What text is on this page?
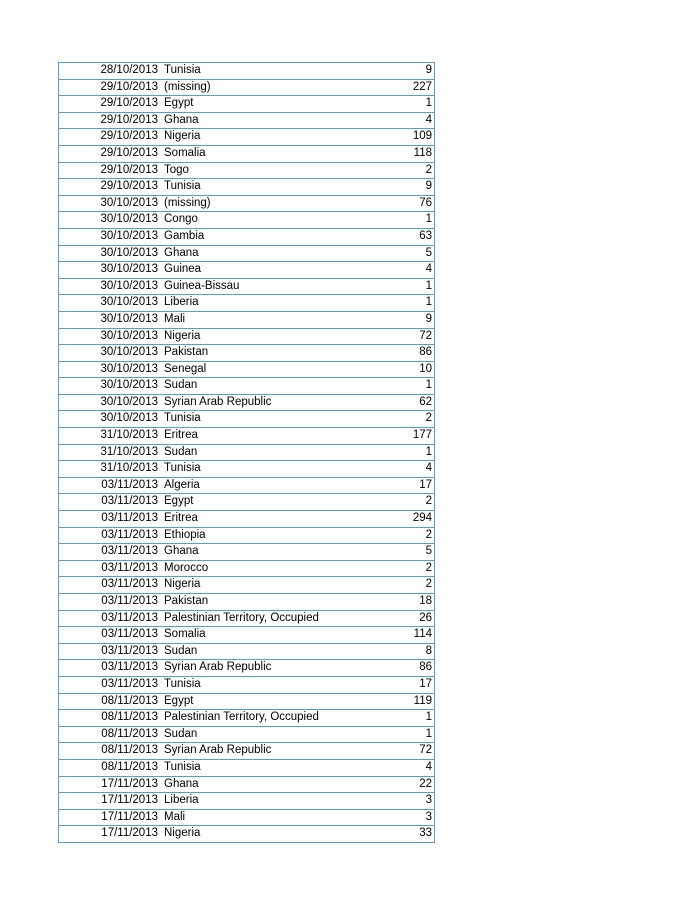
28/10/2013 Tunisia	9
29/10/2013 (missing)	227
29/10/2013 Egypt	1
29/10/2013 Ghana	4
29/10/2013 Nigeria	109
29/10/2013 Somalia	118
29/10/2013 Togo	2
29/10/2013 Tunisia	9
30/10/2013 (missing)	76
30/10/2013 Congo	1
30/10/2013 Gambia	63
30/10/2013 Ghana	5
30/10/2013 Guinea	4
30/10/2013 Guinea-Bissau	1
30/10/2013 Liberia	1
30/10/2013 Mali	9
30/10/2013 Nigeria	72
30/10/2013 Pakistan	86
30/10/2013 Senegal	10
30/10/2013 Sudan	1
30/10/2013 Syrian Arab Republic	62
30/10/2013 Tunisia	2
31/10/2013 Eritrea	177
31/10/2013 Sudan	1
31/10/2013 Tunisia	4
03/11/2013 Algeria	17
03/11/2013 Egypt	2
03/11/2013 Eritrea	294
03/11/2013 Ethiopia	2
03/11/2013 Ghana	5
03/11/2013 Morocco	2
03/11/2013 Nigeria	2
03/11/2013 Pakistan	18
03/11/2013 Palestinian Territory, Occupied	26
03/11/2013 Somalia	114
03/11/2013 Sudan	8
03/11/2013 Syrian Arab Republic	86
03/11/2013 Tunisia	17
08/11/2013 Egypt	119
08/11/2013 Palestinian Territory, Occupied	1
08/11/2013 Sudan	1
08/11/2013 Syrian Arab Republic	72
08/11/2013 Tunisia	4
17/11/2013 Ghana	22
17/11/2013 Liberia	3
17/11/2013 Mali	3
17/11/2013 Nigeria	33
